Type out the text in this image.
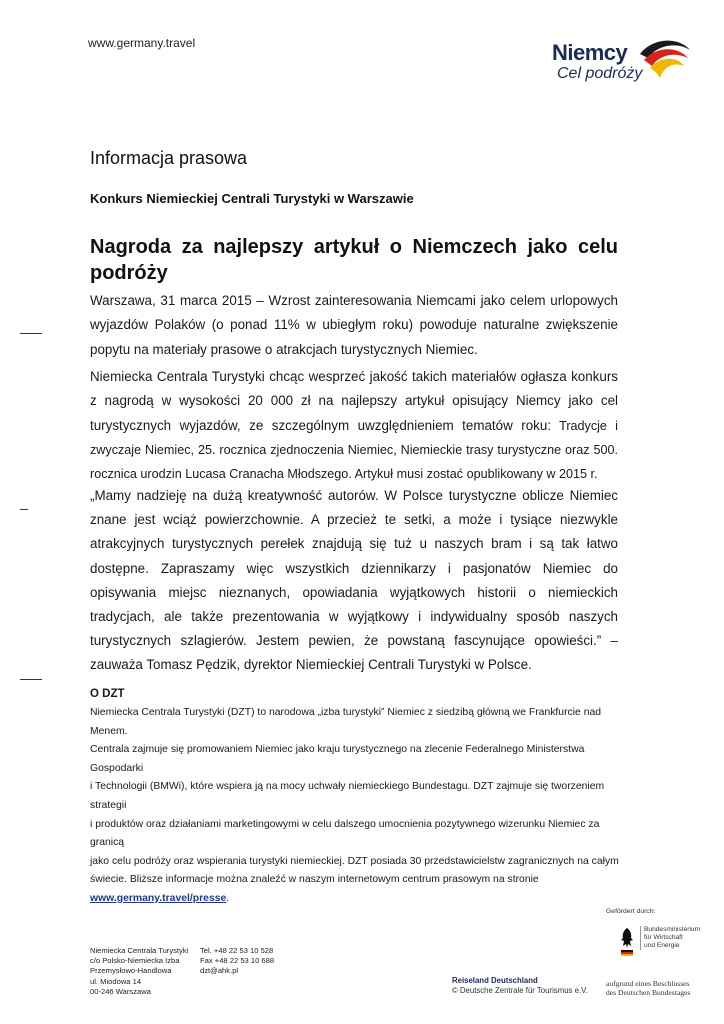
www.germany.travel	Niemcy
Cel podróży
Informacja prasowa
Konkurs Niemieckiej Centrali Turystyki w Warszawie
Nagroda za najlepszy artykuł o Niemczech jako celu podróży
Warszawa, 31 marca 2015 – Wzrost zainteresowania Niemcami jako celem urlopowych wyjazdów Polaków (o ponad 11% w ubiegłym roku) powoduje naturalne zwiększenie popytu na materiały prasowe o atrakcjach turystycznych Niemiec.
Niemiecka Centrala Turystyki chcąc wesprzeć jakość takich materiałów ogłasza konkurs z nagrodą w wysokości 20 000 zł na najlepszy artykuł opisujący Niemcy jako cel turystycznych wyjazdów, ze szczególnym uwzględnieniem tematów roku: Tradycje i zwyczaje Niemiec, 25. rocznica zjednoczenia Niemiec, Niemieckie trasy turystyczne oraz 500. rocznica urodzin Lucasa Cranacha Młodszego. Artykuł musi zostać opublikowany w 2015 r.
„Mamy nadzieję na dużą kreatywność autorów. W Polsce turystyczne oblicze Niemiec znane jest wciąż powierzchownie. A przecież te setki, a może i tysiące niezwykle atrakcyjnych turystycznych perełek znajdują się tuż u naszych bram i są tak łatwo dostępne. Zapraszamy więc wszystkich dziennikarzy i pasjonatów Niemiec do opisywania miejsc nieznanych, opowiadania wyjątkowych historii o niemieckich tradycjach, ale także prezentowania w wyjątkowy i indywidualny sposób naszych turystycznych szlagierów. Jestem pewien, że powstaną fascynujące opowieści.” – zauważa Tomasz Pędzik, dyrektor Niemieckiej Centrali Turystyki w Polsce.
O DZT
Niemiecka Centrala Turystyki (DZT) to narodowa „izba turystyki” Niemiec z siedzibą główną we Frankfurcie nad Menem.
Centrala zajmuje się promowaniem Niemiec jako kraju turystycznego na zlecenie Federalnego Ministerstwa Gospodarki
i Technologii (BMWi), które wspiera ją na mocy uchwały niemieckiego Bundestagu. DZT zajmuje się tworzeniem strategii
i produktów oraz działaniami marketingowymi w celu dalszego umocnienia pozytywnego wizerunku Niemiec za granicą
jako celu podróży oraz wspierania turystyki niemieckiej. DZT posiada 30 przedstawicielstw zagranicznych na całym
świecie. Bliższe informacje można znaleźć w naszym internetowym centrum prasowym na stronie
www.germany.travel/presse.
Niemiecka Centrala Turystyki
c/o Polsko-Niemiecka Izba
Przemysłowo-Handlowa
ul. Miodowa 14
00-246 Warszawa
Tel. +48 22 53 10 528
Fax +48 22 53 10 688
dzt@ahk.pl
Reiseland Deutschland
© Deutsche Zentrale für Tourismus e.V.
Gefördert durch:
Bundesministerium
für Wirtschaft
und Energie
aufgrund eines Beschlusses
des Deutschen Bundestages
